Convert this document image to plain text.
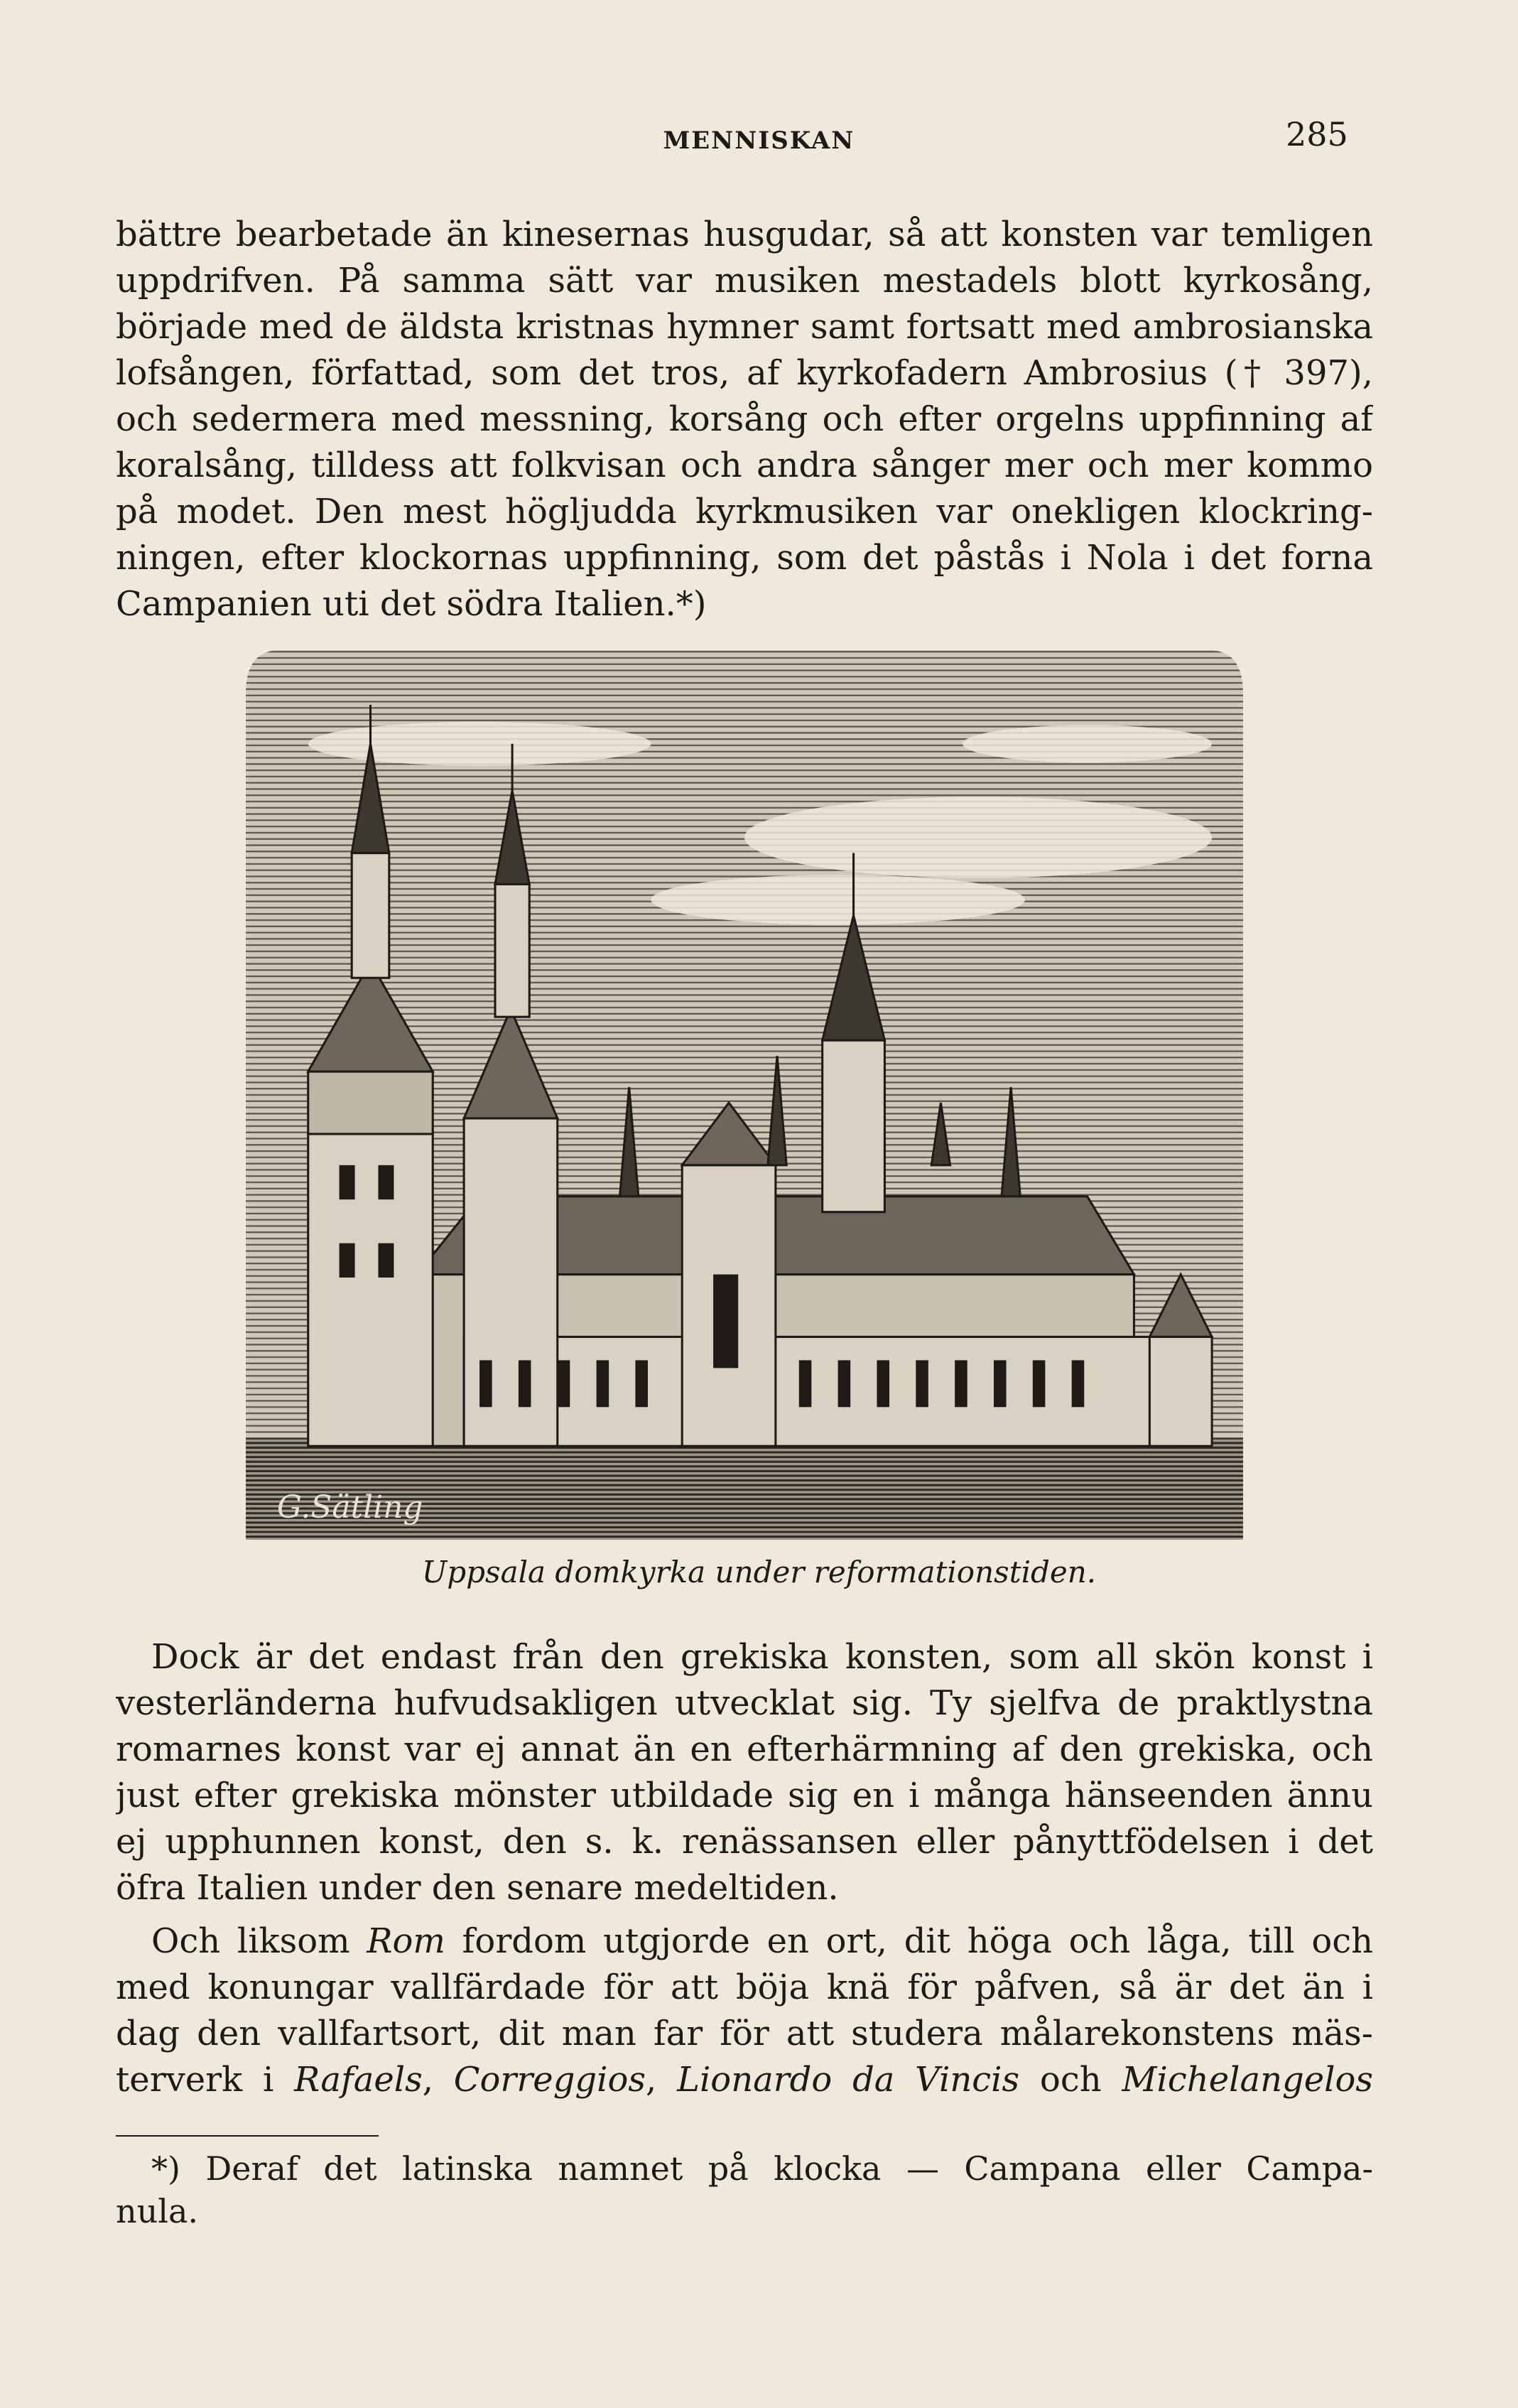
MENNISKAN	285
bättre bearbetade än kinesernas husgudar, så att konsten var temligen
uppdrifven. På samma sätt var musiken mestadels blott kyrkosång,
började med de äldsta kristnas hymner samt fortsatt med ambrosianska
lofsången, författad, som det tros, af kyrkofadern Ambrosius († 397),
och sedermera med messning, korsång och efter orgelns uppfinning af
koralsång, tilldess att folkvisan och andra sånger mer och mer kommo
på modet. Den mest högljudda kyrkmusiken var onekligen klockring-
ningen, efter klockornas uppfinning, som det påstås i Nola i det forna
Campanien uti det södra Italien.*)
G.Sätling
Uppsala domkyrka under reformationstiden.
Dock är det endast från den grekiska konsten, som all skön konst i
vesterländerna hufvudsakligen utvecklat sig. Ty sjelfva de praktlystna
romarnes konst var ej annat än en efterhärmning af den grekiska, och
just efter grekiska mönster utbildade sig en i många hänseenden ännu
ej upphunnen konst, den s. k. renässansen eller pånyttfödelsen i det
öfra Italien under den senare medeltiden.
Och liksom Rom fordom utgjorde en ort, dit höga och låga, till och
med konungar vallfärdade för att böja knä för påfven, så är det än i
dag den vallfartsort, dit man far för att studera målarekonstens mäs-
terverk i Rafaels, Correggios, Lionardo da Vincis och Michelangelos
*) Deraf det latinska namnet på klocka — Campana eller Campa-
nula.
